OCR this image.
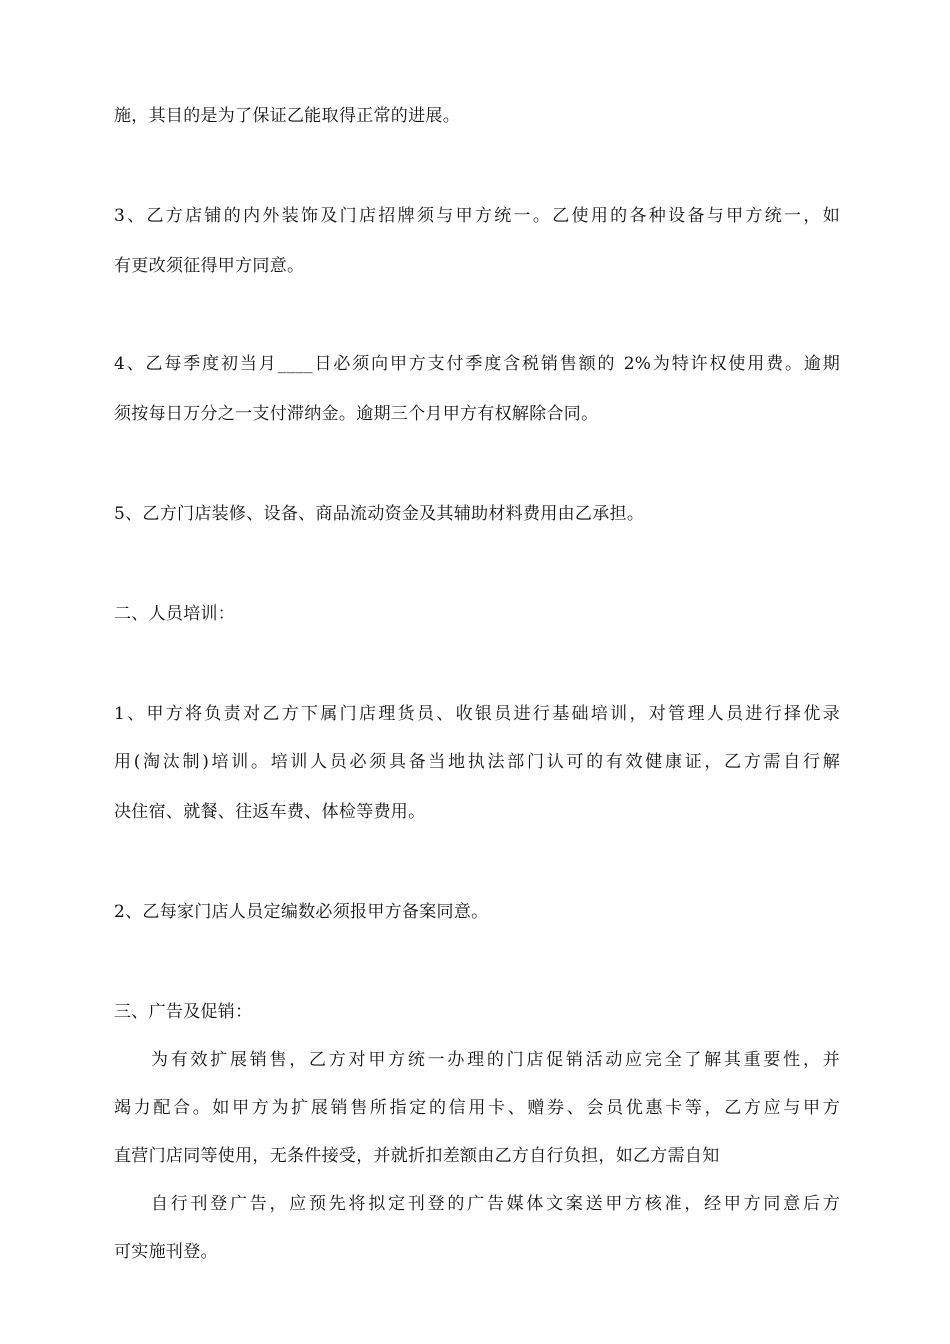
施，其目的是为了保证乙能取得正常的进展。
3、乙方店铺的内外装饰及门店招牌须与甲方统一。乙使用的各种设备与甲方统一，如
有更改须征得甲方同意。
4、乙每季度初当月____日必须向甲方支付季度含税销售额的 2%为特许权使用费。逾期
须按每日万分之一支付滞纳金。逾期三个月甲方有权解除合同。
5、乙方门店装修、设备、商品流动资金及其辅助材料费用由乙承担。
二、人员培训：
1、甲方将负责对乙方下属门店理货员、收银员进行基础培训，对管理人员进行择优录
用(淘汰制)培训。培训人员必须具备当地执法部门认可的有效健康证，乙方需自行解
决住宿、就餐、往返车费、体检等费用。
2、乙每家门店人员定编数必须报甲方备案同意。
三、广告及促销：
为有效扩展销售，乙方对甲方统一办理的门店促销活动应完全了解其重要性，并
竭力配合。如甲方为扩展销售所指定的信用卡、赠券、会员优惠卡等，乙方应与甲方
直营门店同等使用，无条件接受，并就折扣差额由乙方自行负担，如乙方需自知
自行刊登广告，应预先将拟定刊登的广告媒体文案送甲方核准，经甲方同意后方
可实施刊登。
